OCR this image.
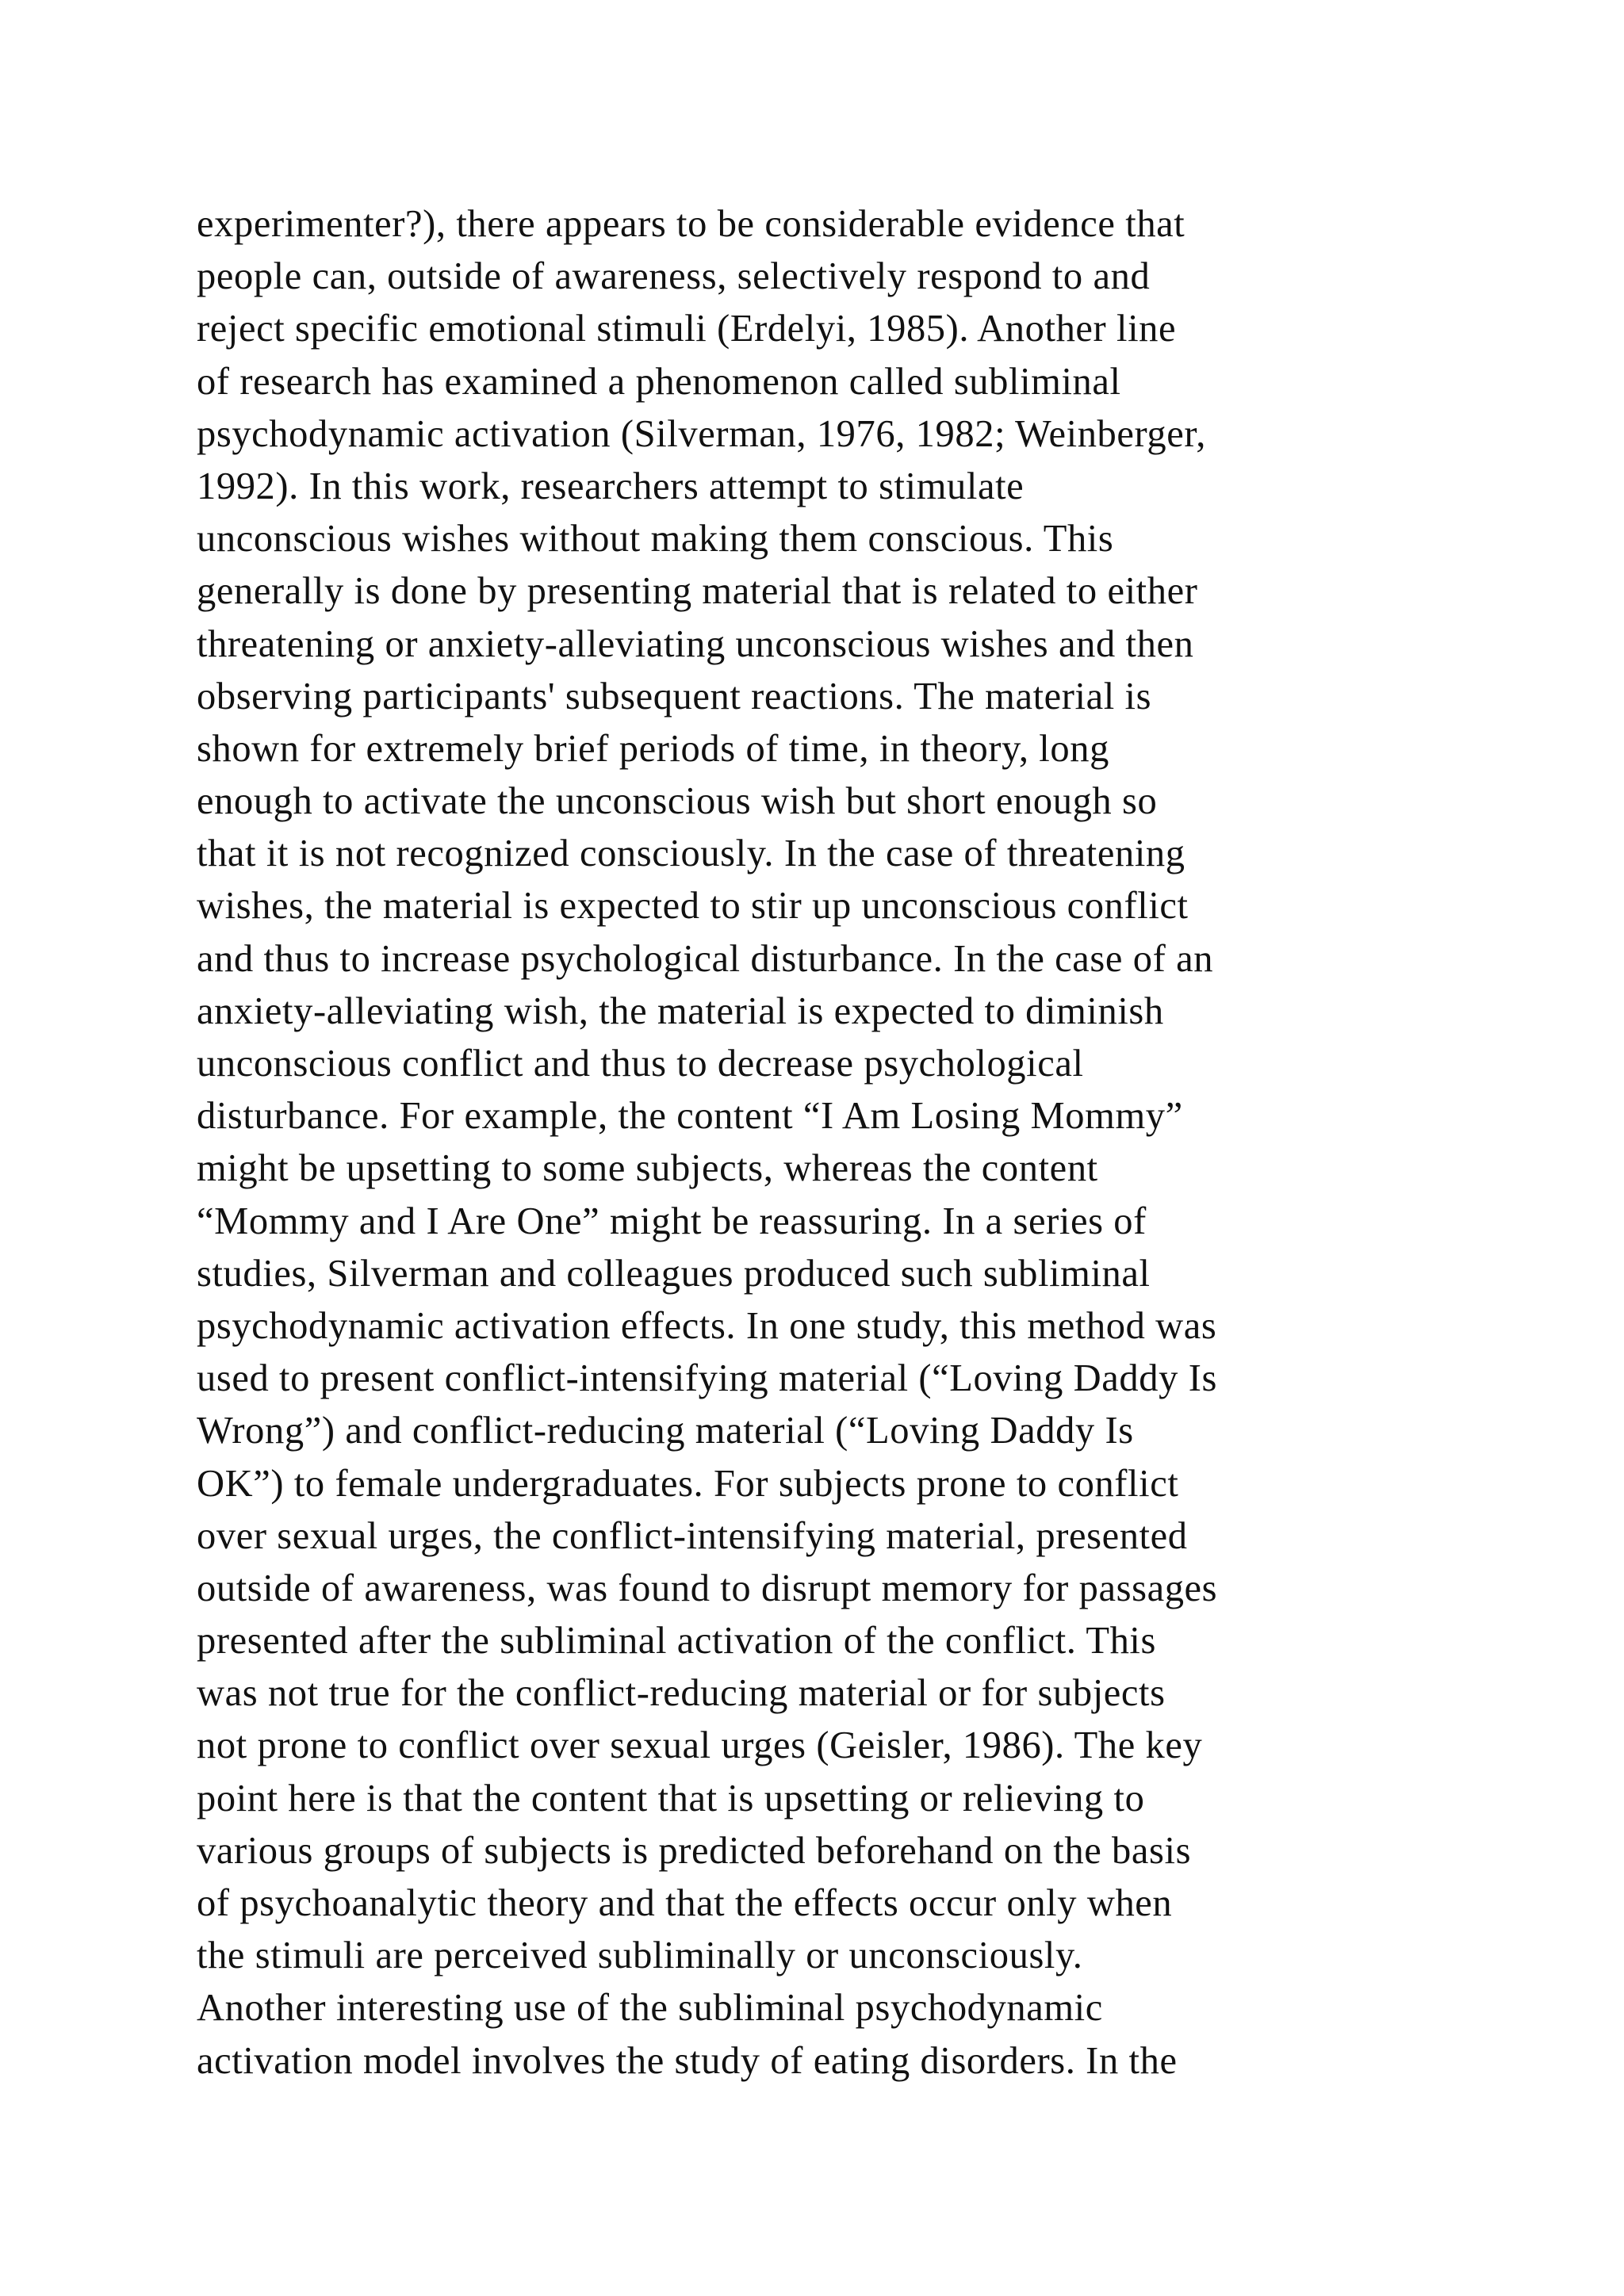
experimenter?), there appears to be considerable evidence that
people can, outside of awareness, selectively respond to and
reject specific emotional stimuli (Erdelyi, 1985). Another line
of research has examined a phenomenon called subliminal
psychodynamic activation (Silverman, 1976, 1982; Weinberger,
1992). In this work, researchers attempt to stimulate
unconscious wishes without making them conscious. This
generally is done by presenting material that is related to either
threatening or anxiety-alleviating unconscious wishes and then
observing participants' subsequent reactions. The material is
shown for extremely brief periods of time, in theory, long
enough to activate the unconscious wish but short enough so
that it is not recognized consciously. In the case of threatening
wishes, the material is expected to stir up unconscious conflict
and thus to increase psychological disturbance. In the case of an
anxiety-alleviating wish, the material is expected to diminish
unconscious conflict and thus to decrease psychological
disturbance. For example, the content “I Am Losing Mommy”
might be upsetting to some subjects, whereas the content
“Mommy and I Are One” might be reassuring. In a series of
studies, Silverman and colleagues produced such subliminal
psychodynamic activation effects. In one study, this method was
used to present conflict-intensifying material (“Loving Daddy Is
Wrong”) and conflict-reducing material (“Loving Daddy Is
OK”) to female undergraduates. For subjects prone to conflict
over sexual urges, the conflict-intensifying material, presented
outside of awareness, was found to disrupt memory for passages
presented after the subliminal activation of the conflict. This
was not true for the conflict-reducing material or for subjects
not prone to conflict over sexual urges (Geisler, 1986). The key
point here is that the content that is upsetting or relieving to
various groups of subjects is predicted beforehand on the basis
of psychoanalytic theory and that the effects occur only when
the stimuli are perceived subliminally or unconsciously.
Another interesting use of the subliminal psychodynamic
activation model involves the study of eating disorders. In the
